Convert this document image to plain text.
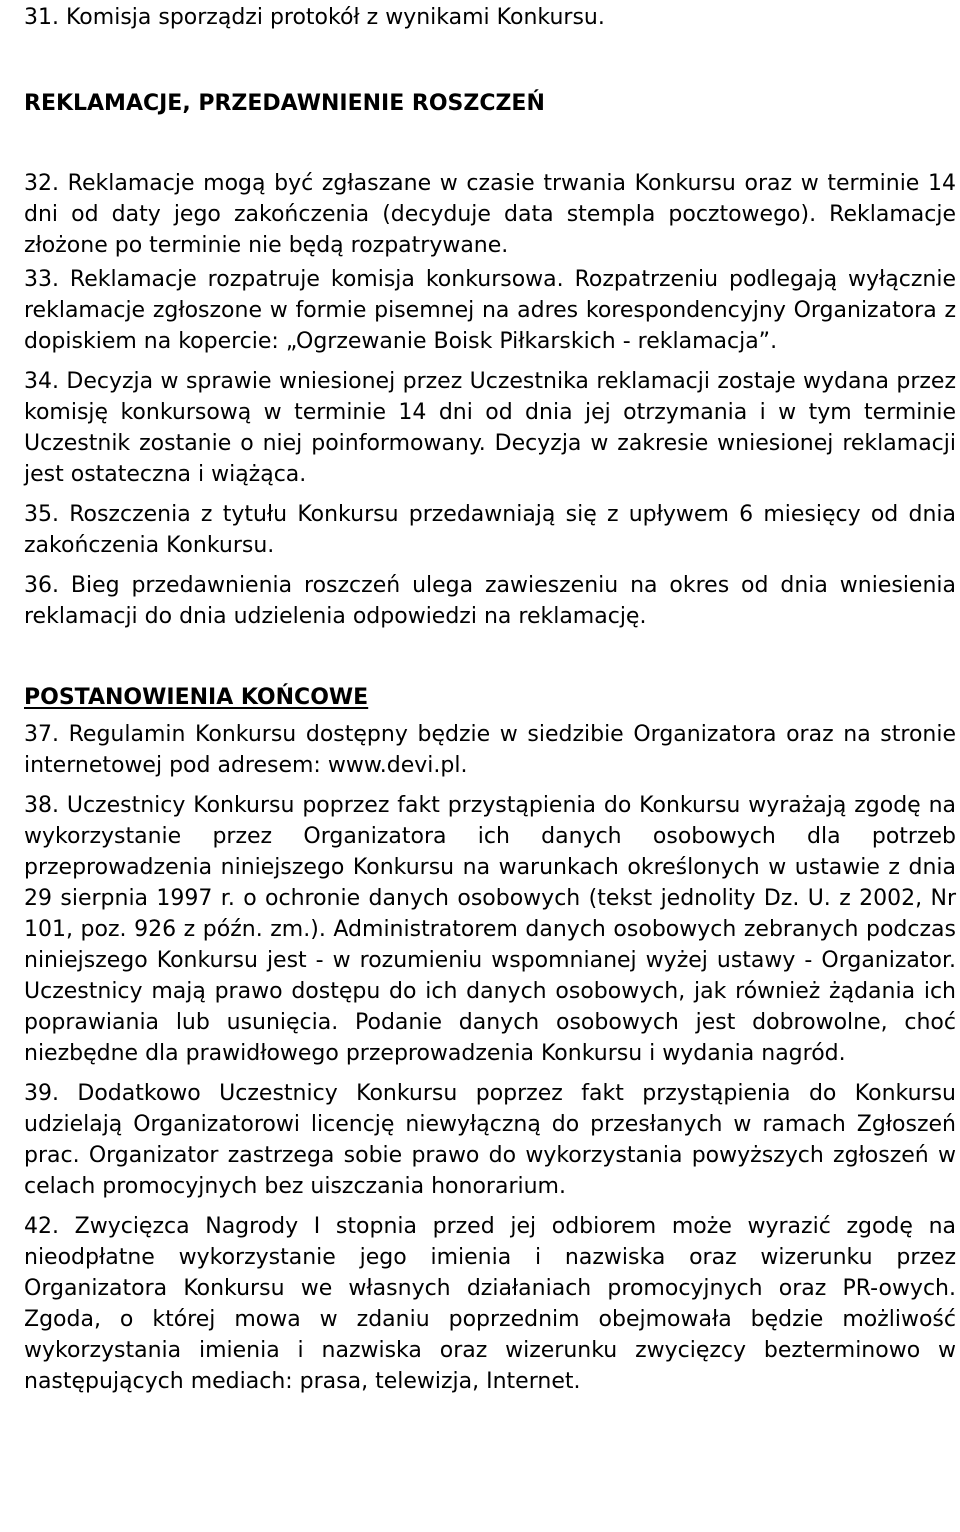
31. Komisja sporządzi protokół z wynikami Konkursu.

REKLAMACJE, PRZEDAWNIENIE ROSZCZEŃ

32. Reklamacje mogą być zgłaszane w czasie trwania Konkursu oraz w terminie 14 dni od daty jego zakończenia (decyduje data stempla pocztowego). Reklamacje złożone po terminie nie będą rozpatrywane.

33. Reklamacje rozpatruje komisja konkursowa. Rozpatrzeniu podlegają wyłącznie reklamacje zgłoszone w formie pisemnej na adres korespondencyjny Organizatora z dopiskiem na kopercie: „Ogrzewanie Boisk Piłkarskich - reklamacja”.

34. Decyzja w sprawie wniesionej przez Uczestnika reklamacji zostaje wydana przez komisję konkursową w terminie 14 dni od dnia jej otrzymania i w tym terminie Uczestnik zostanie o niej poinformowany. Decyzja w zakresie wniesionej reklamacji jest ostateczna i wiążąca.

35. Roszczenia z tytułu Konkursu przedawniają się z upływem 6 miesięcy od dnia zakończenia Konkursu.

36. Bieg przedawnienia roszczeń ulega zawieszeniu na okres od dnia wniesienia reklamacji do dnia udzielenia odpowiedzi na reklamację.

POSTANOWIENIA KOŃCOWE

37. Regulamin Konkursu dostępny będzie w siedzibie Organizatora oraz na stronie internetowej pod adresem: www.devi.pl.

38. Uczestnicy Konkursu poprzez fakt przystąpienia do Konkursu wyrażają zgodę na wykorzystanie przez Organizatora ich danych osobowych dla potrzeb przeprowadzenia niniejszego Konkursu na warunkach określonych w ustawie z dnia 29 sierpnia 1997 r. o ochronie danych osobowych (tekst jednolity Dz. U. z 2002, Nr 101, poz. 926 z późn. zm.). Administratorem danych osobowych zebranych podczas niniejszego Konkursu jest - w rozumieniu wspomnianej wyżej ustawy - Organizator. Uczestnicy mają prawo dostępu do ich danych osobowych, jak również żądania ich poprawiania lub usunięcia. Podanie danych osobowych jest dobrowolne, choć niezbędne dla prawidłowego przeprowadzenia Konkursu i wydania nagród.

39. Dodatkowo Uczestnicy Konkursu poprzez fakt przystąpienia do Konkursu udzielają Organizatorowi licencję niewyłączną do przesłanych w ramach Zgłoszeń prac. Organizator zastrzega sobie prawo do wykorzystania powyższych zgłoszeń w celach promocyjnych bez uiszczania honorarium.

42. Zwycięzca Nagrody I stopnia przed jej odbiorem może wyrazić zgodę na nieodpłatne wykorzystanie jego imienia i nazwiska oraz wizerunku przez Organizatora Konkursu we własnych działaniach promocyjnych oraz PR-owych. Zgoda, o której mowa w zdaniu poprzednim obejmowała będzie możliwość wykorzystania imienia i nazwiska oraz wizerunku zwycięzcy bezterminowo w następujących mediach: prasa, telewizja, Internet.
